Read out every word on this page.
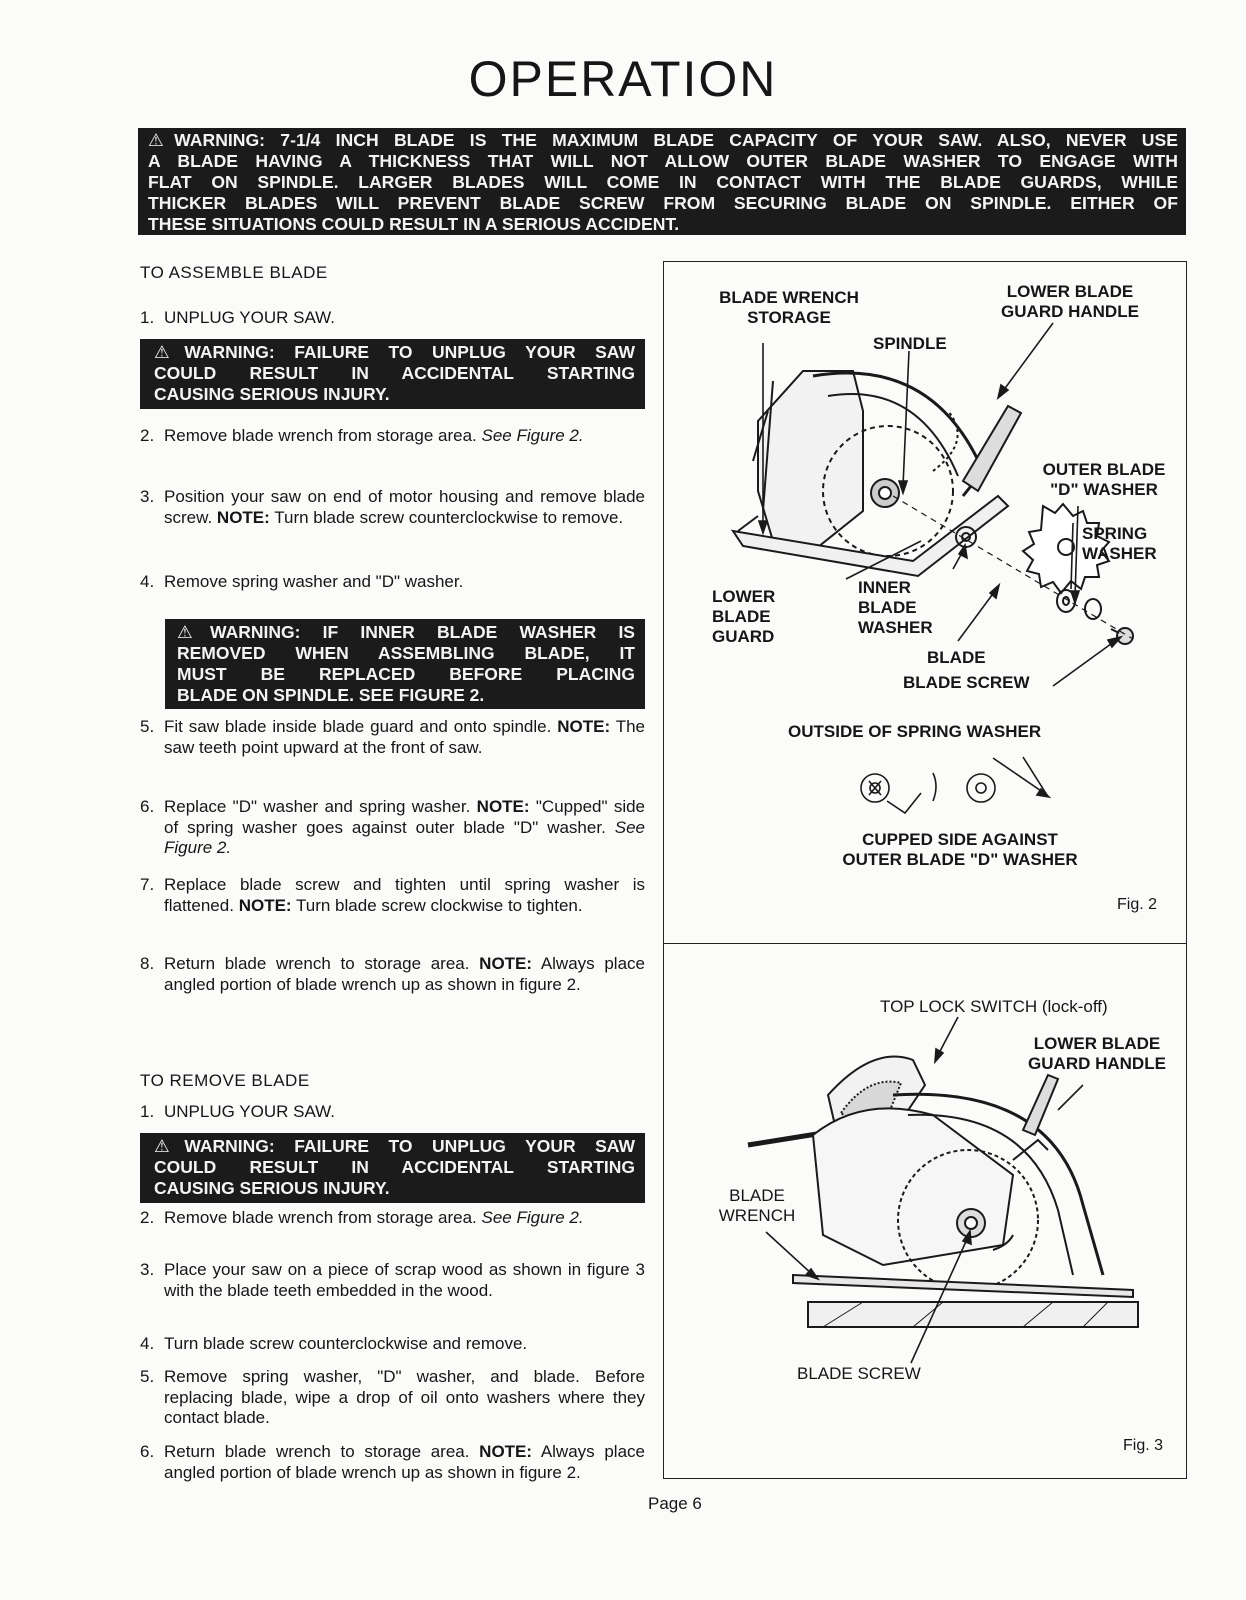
OPERATION
⚠WARNING: 7-1/4 INCH BLADE IS THE MAXIMUM BLADE CAPACITY OF YOUR SAW. ALSO, NEVER USE
A BLADE HAVING A THICKNESS THAT WILL NOT ALLOW OUTER BLADE WASHER TO ENGAGE WITH
FLAT ON SPINDLE. LARGER BLADES WILL COME IN CONTACT WITH THE BLADE GUARDS, WHILE
THICKER BLADES WILL PREVENT BLADE SCREW FROM SECURING BLADE ON SPINDLE. EITHER OF
THESE SITUATIONS COULD RESULT IN A SERIOUS ACCIDENT.
TO ASSEMBLE BLADE
1. UNPLUG YOUR SAW.
⚠WARNING: FAILURE TO UNPLUG YOUR SAW
COULD RESULT IN ACCIDENTAL STARTING
CAUSING SERIOUS INJURY.
2. Remove blade wrench from storage area. See Figure 2.
3. Position your saw on end of motor housing and remove blade screw. NOTE: Turn blade screw counterclockwise to remove.
4. Remove spring washer and "D" washer.
⚠WARNING: IF INNER BLADE WASHER IS
REMOVED WHEN ASSEMBLING BLADE, IT
MUST BE REPLACED BEFORE PLACING
BLADE ON SPINDLE. SEE FIGURE 2.
5. Fit saw blade inside blade guard and onto spindle. NOTE: The saw teeth point upward at the front of saw.
6. Replace "D" washer and spring washer. NOTE: "Cupped" side of spring washer goes against outer blade "D" washer. See Figure 2.
7. Replace blade screw and tighten until spring washer is flattened. NOTE: Turn blade screw clockwise to tighten.
8. Return blade wrench to storage area. NOTE: Always place angled portion of blade wrench up as shown in figure 2.
TO REMOVE BLADE
1. UNPLUG YOUR SAW.
⚠WARNING: FAILURE TO UNPLUG YOUR SAW
COULD RESULT IN ACCIDENTAL STARTING
CAUSING SERIOUS INJURY.
2. Remove blade wrench from storage area. See Figure 2.
3. Place your saw on a piece of scrap wood as shown in figure 3 with the blade teeth embedded in the wood.
4. Turn blade screw counterclockwise and remove.
5. Remove spring washer, "D" washer, and blade. Before replacing blade, wipe a drop of oil onto washers where they contact blade.
6. Return blade wrench to storage area. NOTE: Always place angled portion of blade wrench up as shown in figure 2.
BLADE WRENCH
STORAGE
LOWER BLADE
GUARD HANDLE
SPINDLE
OUTER BLADE
"D" WASHER
SPRING
WASHER
LOWER
BLADE
GUARD
INNER
BLADE
WASHER
BLADE
BLADE SCREW
OUTSIDE OF SPRING WASHER
CUPPED SIDE AGAINST
OUTER BLADE "D" WASHER
Fig. 2
TOP LOCK SWITCH (lock-off)
LOWER BLADE
GUARD HANDLE
BLADE
WRENCH
BLADE SCREW
Fig. 3
Page 6
